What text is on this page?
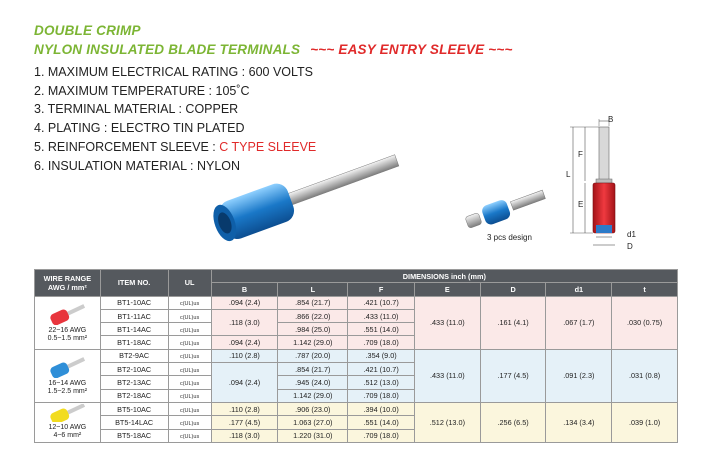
DOUBLE CRIMP
NYLON INSULATED BLADE TERMINALS ~~~ EASY ENTRY SLEEVE ~~~
1. MAXIMUM ELECTRICAL RATING : 600 VOLTS
2. MAXIMUM TEMPERATURE : 105˚C
3. TERMINAL MATERIAL : COPPER
4. PLATING : ELECTRO TIN PLATED
5. REINFORCEMENT SLEEVE : C TYPE SLEEVE
6. INSULATION MATERIAL : NYLON
3 pcs design
B
F
L
E
d1
D
WIRE RANGE AWG / mm²	ITEM NO.	UL	DIMENSIONS inch (mm)						
			B	L	F	E	D	d1	t

22~16 AWG
0.5~1.5 mm²	BT1-10AC	c(UL)us	.094 (2.4)	.854 (21.7)	.421 (10.7)	.433 (11.0)	.161 (4.1)	.067 (1.7)	.030 (0.75)
	BT1-11AC	c(UL)us	.118 (3.0)	.866 (22.0)	.433 (11.0)				
	BT1-14AC	c(UL)us		.984 (25.0)	.551 (14.0)				
	BT1-18AC	c(UL)us	.094 (2.4)	1.142 (29.0)	.709 (18.0)				

16~14 AWG
1.5~2.5 mm²	BT2-9AC	c(UL)us	.110 (2.8)	.787 (20.0)	.354 (9.0)	.433 (11.0)	.177 (4.5)	.091 (2.3)	.031 (0.8)
	BT2-10AC	c(UL)us	.094 (2.4)	.854 (21.7)	.421 (10.7)				
	BT2-13AC	c(UL)us		.945 (24.0)	.512 (13.0)				
	BT2-18AC	c(UL)us		1.142 (29.0)	.709 (18.0)				

12~10 AWG
4~6 mm²	BT5-10AC	c(UL)us	.110 (2.8)	.906 (23.0)	.394 (10.0)	.512 (13.0)	.256 (6.5)	.134 (3.4)	.039 (1.0)
	BT5-14LAC	c(UL)us	.177 (4.5)	1.063 (27.0)	.551 (14.0)				
	BT5-18AC	c(UL)us	.118 (3.0)	1.220 (31.0)	.709 (18.0)				
